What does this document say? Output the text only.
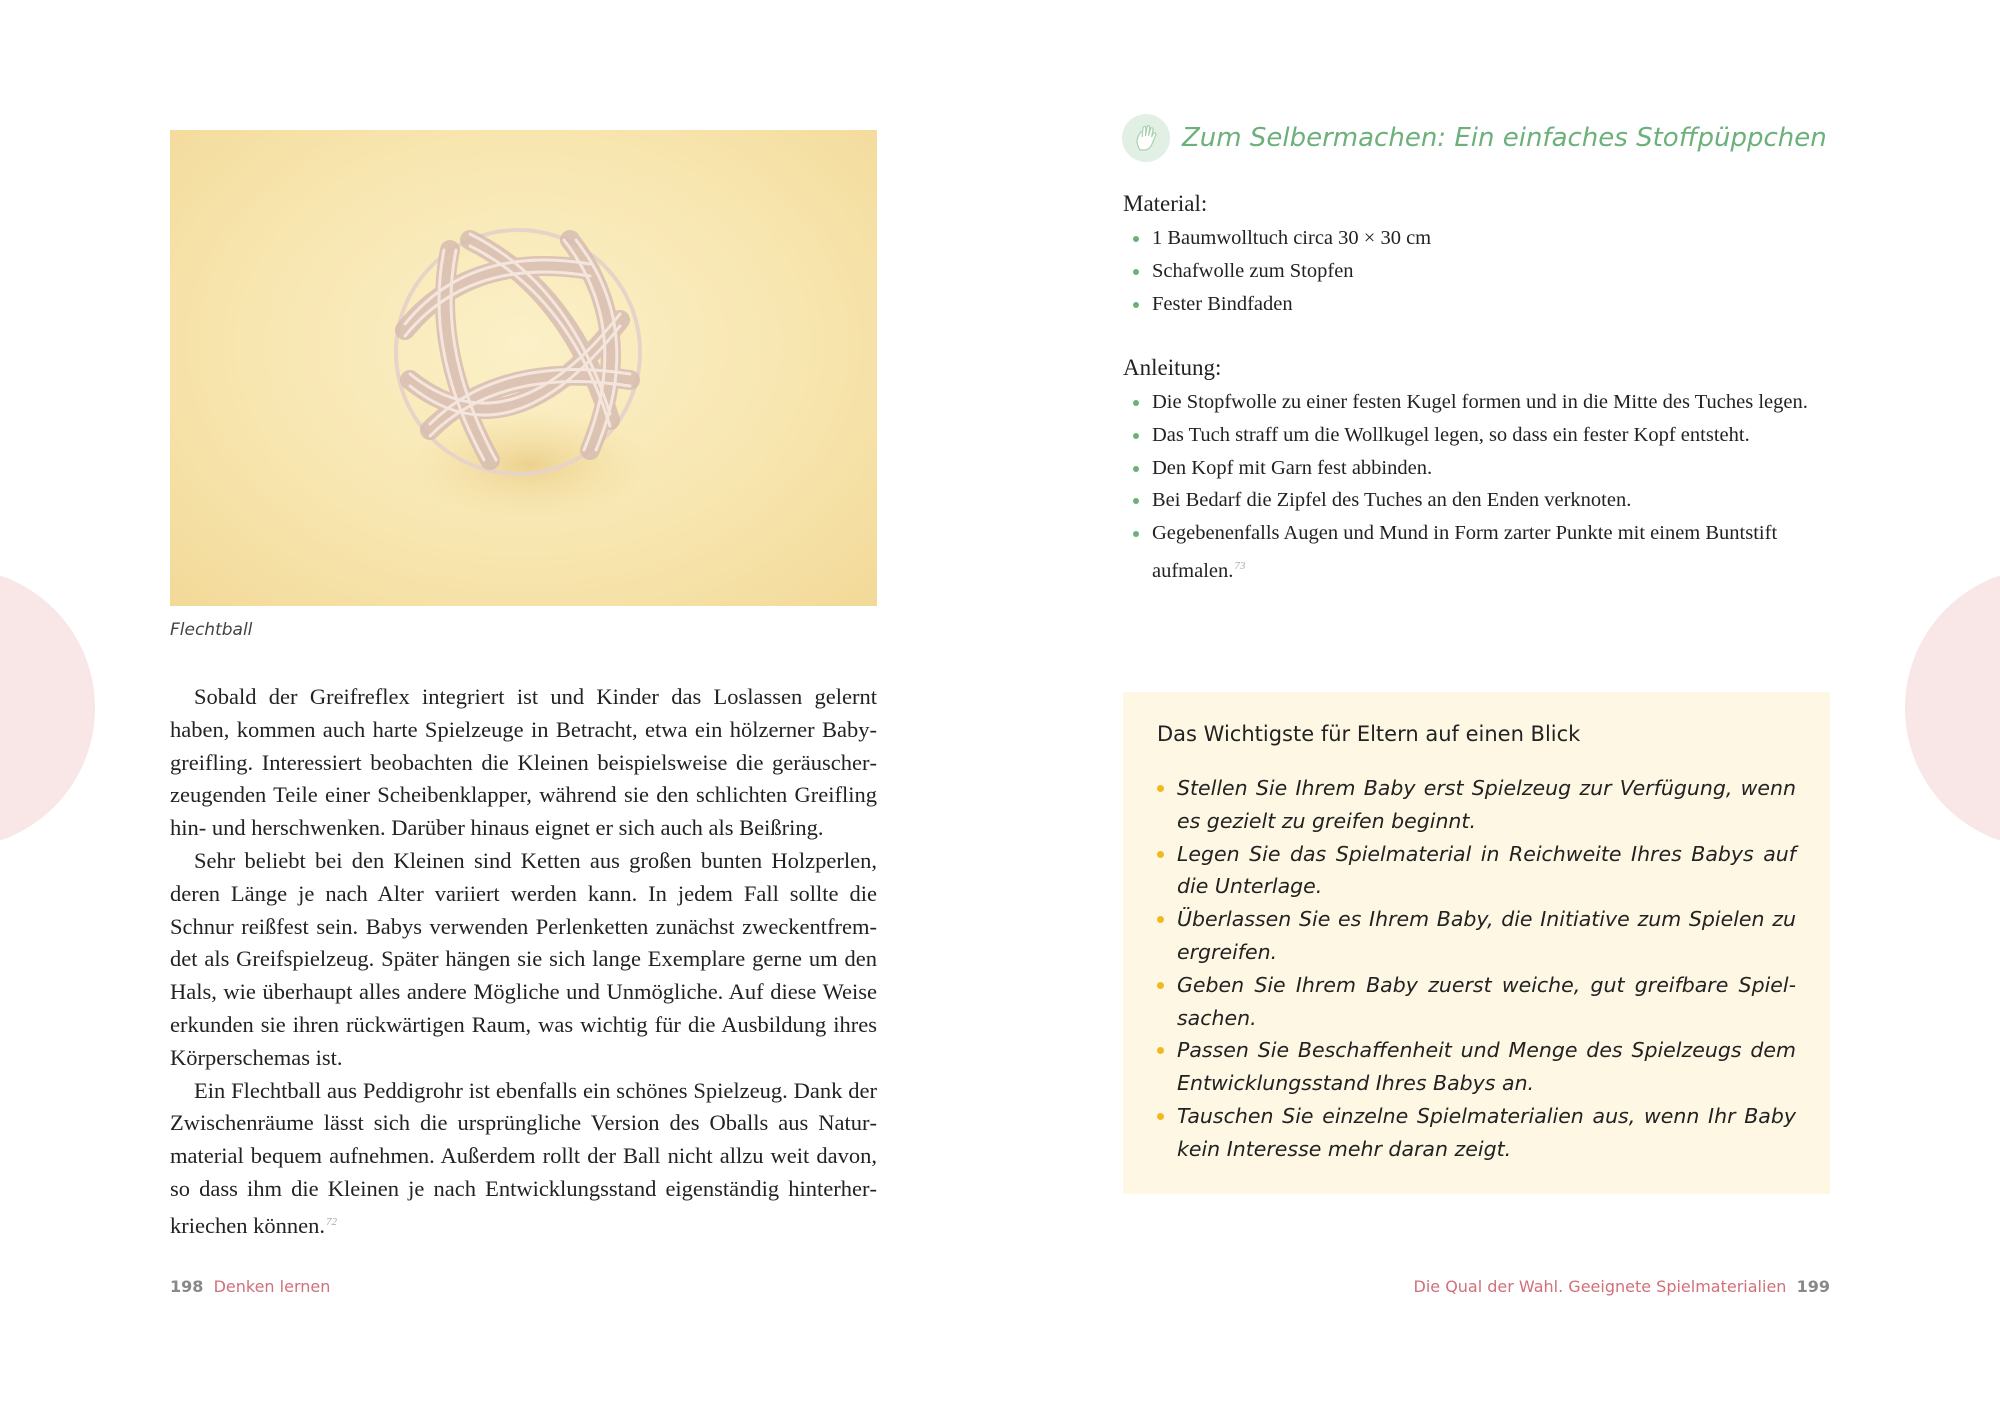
Flechtball

Sobald der Greifreflex integriert ist und Kinder das Loslassen gelernt haben, kommen auch harte Spielzeuge in Betracht, etwa ein hölzerner Babygreifling. Interessiert beobachten die Kleinen beispielsweise die geräuscherzeugenden Teile einer Scheibenklapper, während sie den schlichten Greifling hin- und herschwenken. Darüber hinaus eignet er sich auch als Beißring.

Sehr beliebt bei den Kleinen sind Ketten aus großen bunten Holzperlen, deren Länge je nach Alter variiert werden kann. In jedem Fall sollte die Schnur reißfest sein. Babys verwenden Perlenketten zunächst zweckentfremdet als Greifspielzeug. Später hängen sie sich lange Exemplare gerne um den Hals, wie überhaupt alles andere Mögliche und Unmögliche. Auf diese Weise erkunden sie ihren rückwärtigen Raum, was wichtig für die Ausbildung ihres Körperschemas ist.

Ein Flechtball aus Peddigrohr ist ebenfalls ein schönes Spielzeug. Dank der Zwischenräume lässt sich die ursprüngliche Version des Oballs aus Naturmaterial bequem aufnehmen. Außerdem rollt der Ball nicht allzu weit davon, so dass ihm die Kleinen je nach Entwicklungsstand eigenständig hinterherkriechen können.$^{72}$

198 Denken lernen
Zum Selbermachen: Ein einfaches Stoffpüppchen
Material:
1 Baumwolltuch circa 30 × 30 cm
Schafwolle zum Stopfen
Fester Bindfaden
Anleitung:
Die Stopfwolle zu einer festen Kugel formen und in die Mitte des Tuches legen.
Das Tuch straff um die Wollkugel legen, so dass ein fester Kopf entsteht.
Den Kopf mit Garn fest abbinden.
Bei Bedarf die Zipfel des Tuches an den Enden verknoten.
Gegebenenfalls Augen und Mund in Form zarter Punkte mit einem Buntstift aufmalen.$^{73}$
Das Wichtigste für Eltern auf einen Blick
Stellen Sie Ihrem Baby erst Spielzeug zur Verfügung, wenn es gezielt zu greifen beginnt.
Legen Sie das Spielmaterial in Reichweite Ihres Babys auf die Unterlage.
Überlassen Sie es Ihrem Baby, die Initiative zum Spielen zu ergreifen.
Geben Sie Ihrem Baby zuerst weiche, gut greifbare Spielsachen.
Passen Sie Beschaffenheit und Menge des Spielzeugs dem Entwicklungsstand Ihres Babys an.
Tauschen Sie einzelne Spielmaterialien aus, wenn Ihr Baby kein Interesse mehr daran zeigt.
Die Qual der Wahl. Geeignete Spielmaterialien 199
